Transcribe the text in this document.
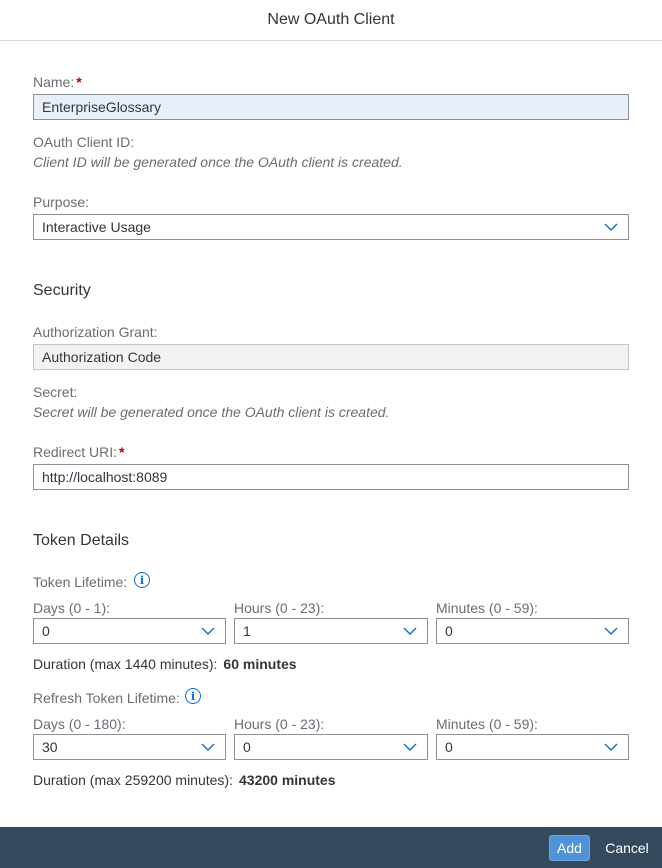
New OAuth Client
Name: *
EnterpriseGlossary
OAuth Client ID:
Client ID will be generated once the OAuth client is created.
Purpose:
Interactive Usage
Security
Authorization Grant:
Authorization Code
Secret:
Secret will be generated once the OAuth client is created.
Redirect URI: *
http://localhost:8089
Token Details
Token Lifetime:	i
Days (0 - 1):	Hours (0 - 23):	Minutes (0 - 59):
0	1	0
Duration (max 1440 minutes): 60 minutes
Refresh Token Lifetime:	i
Days (0 - 180):	Hours (0 - 23):	Minutes (0 - 59):
30	0	0
Duration (max 259200 minutes): 43200 minutes
Add	Cancel
